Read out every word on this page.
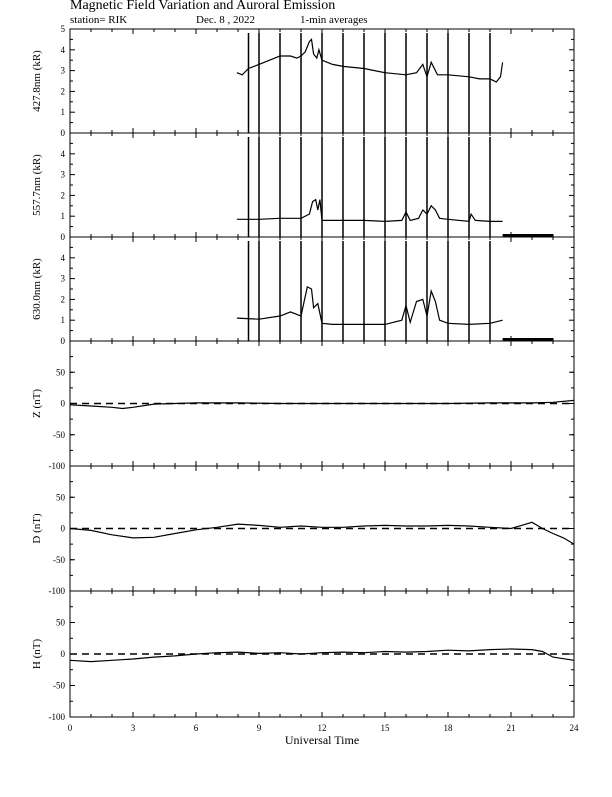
Magnetic Field Variation and Auroral Emission
station= RIK	Dec. 8 , 2022	1-min averages
0
1
2
3
4
5
427.8nm (kR)
0
1
2
3
4
557.7nm (kR)
0
1
2
3
4
630.0nm (kR)
50
0
-50
-100
Z (nT)
50
0
-50
-100
D (nT)
50
0
-50
-100
H (nT)
0	3	6	9	12	15	18	21	24
Universal Time
